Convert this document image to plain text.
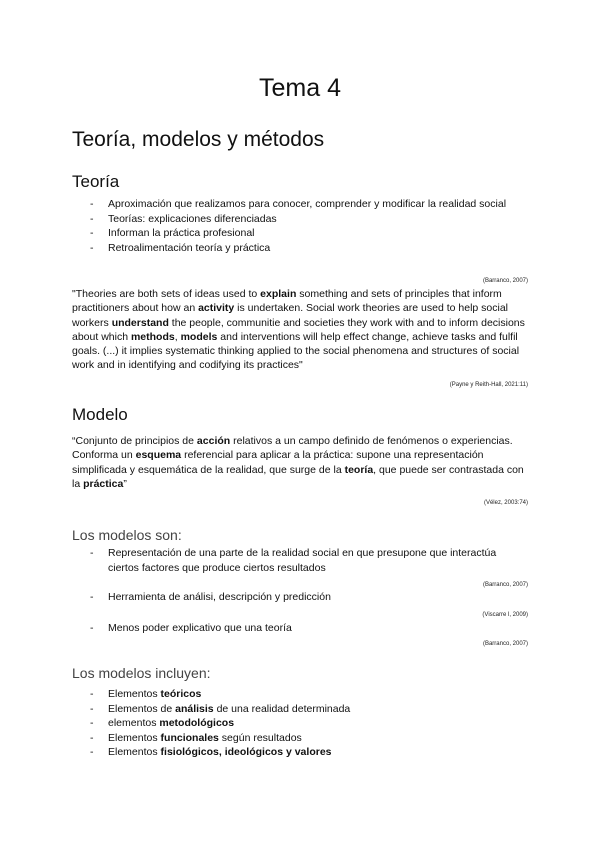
Tema 4
Teoría, modelos y métodos
Teoría
- Aproximación que realizamos para conocer, comprender y modificar la realidad social
- Teorías: explicaciones diferenciadas
- Informan la práctica profesional
- Retroalimentación teoría y práctica
(Barranco, 2007)
"Theories are both sets of ideas used to explain something and sets of principles that inform practitioners about how an activity is undertaken. Social work theories are used to help social workers understand the people, communitie and societies they work with and to inform decisions about which methods, models and interventions will help effect change, achieve tasks and fulfil goals. (...) it implies systematic thinking applied to the social phenomena and structures of social work and in identifying and codifying its practices"
(Payne y Reith-Hall, 2021:11)
Modelo
“Conjunto de principios de acción relativos a un campo definido de fenómenos o experiencias. Conforma un esquema referencial para aplicar a la práctica: supone una representación simplificada y esquemática de la realidad, que surge de la teoría, que puede ser contrastada con la práctica”
(Vélez, 2003:74)
Los modelos son:
- Representación de una parte de la realidad social en que presupone que interactúa ciertos factores que produce ciertos resultados
(Barranco, 2007)
- Herramienta de análisi, descripción y predicción
(Viscarre l, 2009)
- Menos poder explicativo que una teoría
(Barranco, 2007)
Los modelos incluyen:
- Elementos teóricos
- Elementos de análisis de una realidad determinada
- elementos metodológicos
- Elementos funcionales según resultados
- Elementos fisiológicos, ideológicos y valores
